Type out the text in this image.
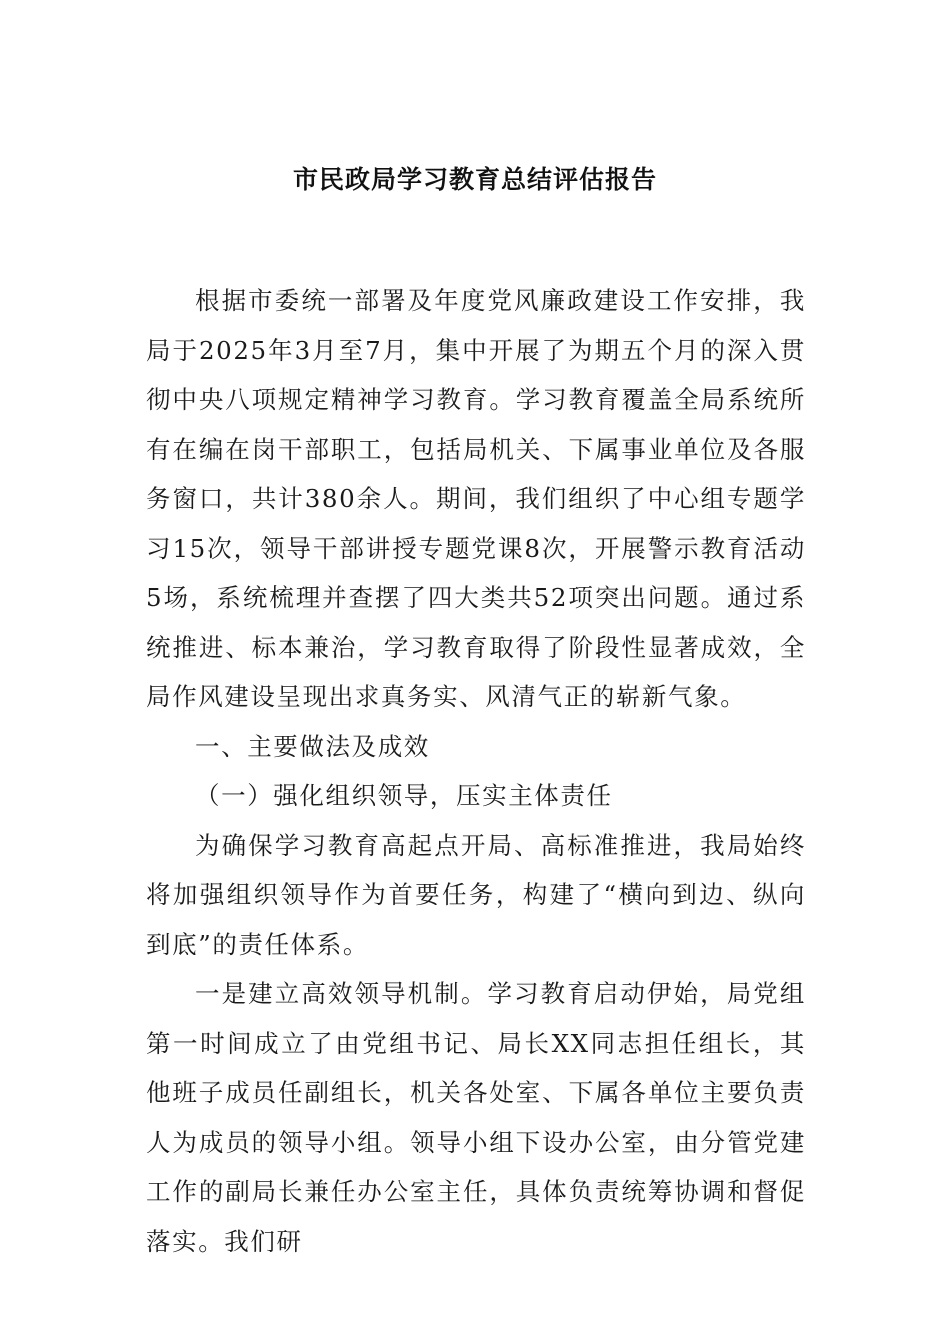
市民政局学习教育总结评估报告

根据市委统一部署及年度党风廉政建设工作安排，我局于2025年3月至7月，集中开展了为期五个月的深入贯彻中央八项规定精神学习教育。学习教育覆盖全局系统所有在编在岗干部职工，包括局机关、下属事业单位及各服务窗口，共计380余人。期间，我们组织了中心组专题学习15次，领导干部讲授专题党课8次，开展警示教育活动5场，系统梳理并查摆了四大类共52项突出问题。通过系统推进、标本兼治，学习教育取得了阶段性显著成效，全局作风建设呈现出求真务实、风清气正的崭新气象。

一、主要做法及成效

（一）强化组织领导，压实主体责任

为确保学习教育高起点开局、高标准推进，我局始终将加强组织领导作为首要任务，构建了“横向到边、纵向到底”的责任体系。

一是建立高效领导机制。学习教育启动伊始，局党组第一时间成立了由党组书记、局长XX同志担任组长，其他班子成员任副组长，机关各处室、下属各单位主要负责人为成员的领导小组。领导小组下设办公室，由分管党建工作的副局长兼任办公室主任，具体负责统筹协调和督促落实。我们研
